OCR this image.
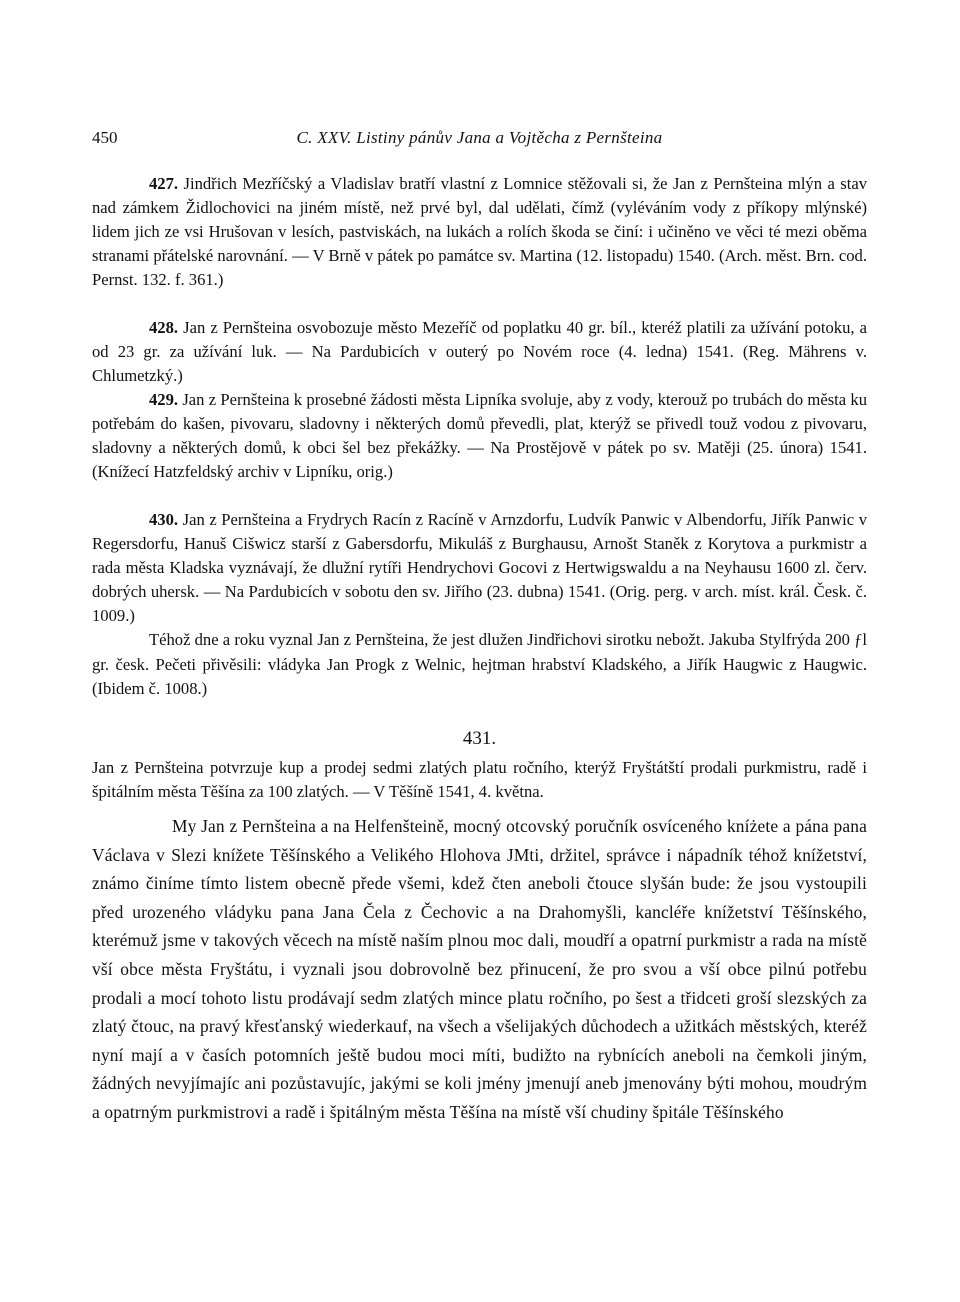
450	C. XXV. Listiny pánův Jana a Vojtěcha z Pernšteina

427. Jindřich Mezříčský a Vladislav bratří vlastní z Lomnice stěžovali si, že Jan z Pernšteina mlýn a stav nad zámkem Židlochovici na jiném místě, než prvé byl, dal udělati, čímž (vyléváním vody z příkopy mlýnské) lidem jich ze vsi Hrušovan v lesích, pastviskách, na lukách a rolích škoda se činí: i učiněno ve věci té mezi oběma stranami přátelské narovnání. — V Brně v pátek po památce sv. Martina (12. listopadu) 1540. (Arch. měst. Brn. cod. Pernst. 132. f. 361.)

428. Jan z Pernšteina osvobozuje město Mezeříč od poplatku 40 gr. bíl., kteréž platili za užívání potoku, a od 23 gr. za užívání luk. — Na Pardubicích v outerý po Novém roce (4. ledna) 1541. (Reg. Mährens v. Chlumetzký.)

429. Jan z Pernšteina k prosebné žádosti města Lipníka svoluje, aby z vody, kterouž po trubách do města ku potřebám do kašen, pivovaru, sladovny i některých domů převedli, plat, kterýž se přivedl touž vodou z pivovaru, sladovny a některých domů, k obci šel bez překážky. — Na Prostějově v pátek po sv. Matěji (25. února) 1541. (Knížecí Hatzfeldský archiv v Lipníku, orig.)

430. Jan z Pernšteina a Frydrych Racín z Racíně v Arnzdorfu, Ludvík Panwic v Albendorfu, Jiřík Panwic v Regersdorfu, Hanuš Cišwicz starší z Gabersdorfu, Mikuláš z Burghausu, Arnošt Staněk z Korytova a purkmistr a rada města Kladska vyznávají, že dlužní rytíři Hendrychovi Gocovi z Hertwigswaldu a na Neyhausu 1600 zl. červ. dobrých uhersk. — Na Pardubicích v sobotu den sv. Jiřího (23. dubna) 1541. (Orig. perg. v arch. míst. král. Česk. č. 1009.)

Téhož dne a roku vyznal Jan z Pernšteina, že jest dlužen Jindřichovi sirotku nebožt. Jakuba Stylfrýda 200 ƒl gr. česk. Pečeti přivěsili: vládyka Jan Progk z Welnic, hejtman hrabství Kladského, a Jiřík Haugwic z Haugwic. (Ibidem č. 1008.)

431.

Jan z Pernšteina potvrzuje kup a prodej sedmi zlatých platu ročního, kterýž Fryštátští prodali purkmistru, radě i špitálním města Těšína za 100 zlatých. — V Těšíně 1541, 4. května.

My Jan z Pernšteina a na Helfenšteině, mocný otcovský poručník osvíceného kníżete a pána pana Václava v Slezi knížete Těšínského a Velikého Hlohova JMti, držitel, správce i nápadník téhož knížetství, známo činíme tímto listem obecně přede všemi, kdež čten aneboli čtouce slyšán bude: že jsou vystoupili před urozeného vládyku pana Jana Čela z Čechovic a na Drahomyšli, kancléře knížetství Těšínského, kterémuž jsme v takových věcech na místě naším plnou moc dali, moudří a opatrní purkmistr a rada na místě vší obce města Fryštátu, i vyznali jsou dobrovolně bez přinucení, že pro svou a vší obce pilnú potřebu prodali a mocí tohoto listu prodávají sedm zlatých mince platu ročního, po šest a třidceti groší slezských za zlatý čtouc, na pravý křesťanský wiederkauf, na všech a všelijakých důchodech a užitkách městských, kteréž nyní mají a v časích potomních ještě budou moci míti, budižto na rybnících aneboli na čemkoli jiným, žádných nevyjímajíc ani pozůstavujíc, jakými se koli jmény jmenují aneb jmenovány býti mohou, moudrým a opatrným purkmistrovi a radě i špitálným města Těšína na místě vší chudiny špitále Těšínského
